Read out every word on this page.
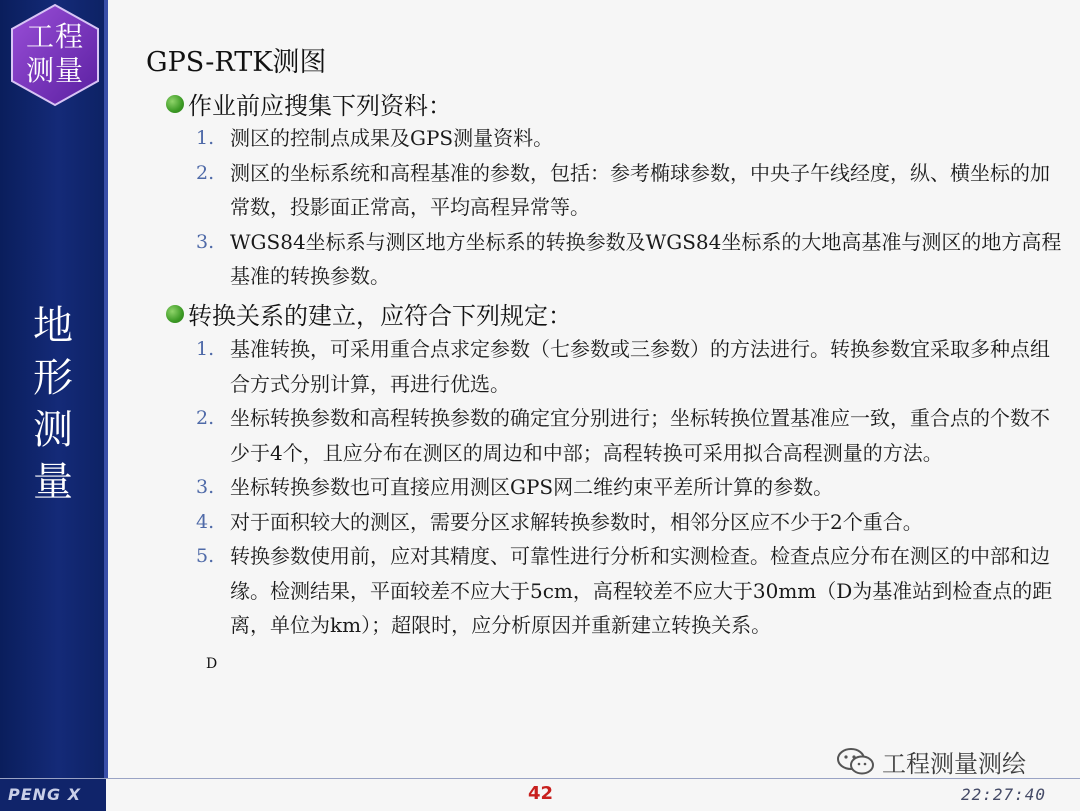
工程
测量
地
形
测
量
GPS-RTK测图
作业前应搜集下列资料：
1. 测区的控制点成果及GPS测量资料。
2. 测区的坐标系统和高程基准的参数，包括：参考椭球参数，中央子午线经度，纵、横坐标的加常数，投影面正常高，平均高程异常等。
3. WGS84坐标系与测区地方坐标系的转换参数及WGS84坐标系的大地高基准与测区的地方高程基准的转换参数。
转换关系的建立，应符合下列规定：
1. 基准转换，可采用重合点求定参数（七参数或三参数）的方法进行。转换参数宜采取多种点组合方式分别计算，再进行优选。
2. 坐标转换参数和高程转换参数的确定宜分别进行；坐标转换位置基准应一致，重合点的个数不少于4个，且应分布在测区的周边和中部；高程转换可采用拟合高程测量的方法。
3. 坐标转换参数也可直接应用测区GPS网二维约束平差所计算的参数。
4. 对于面积较大的测区，需要分区求解转换参数时，相邻分区应不少于2个重合。
5. 转换参数使用前，应对其精度、可靠性进行分析和实测检查。检查点应分布在测区的中部和边缘。检测结果，平面较差不应大于5cm，高程较差不应大于30mm（D为基准站到检查点的距离，单位为km）；超限时，应分析原因并重新建立转换关系。
D
工程测量测绘
PENG X	42	22:27:40
